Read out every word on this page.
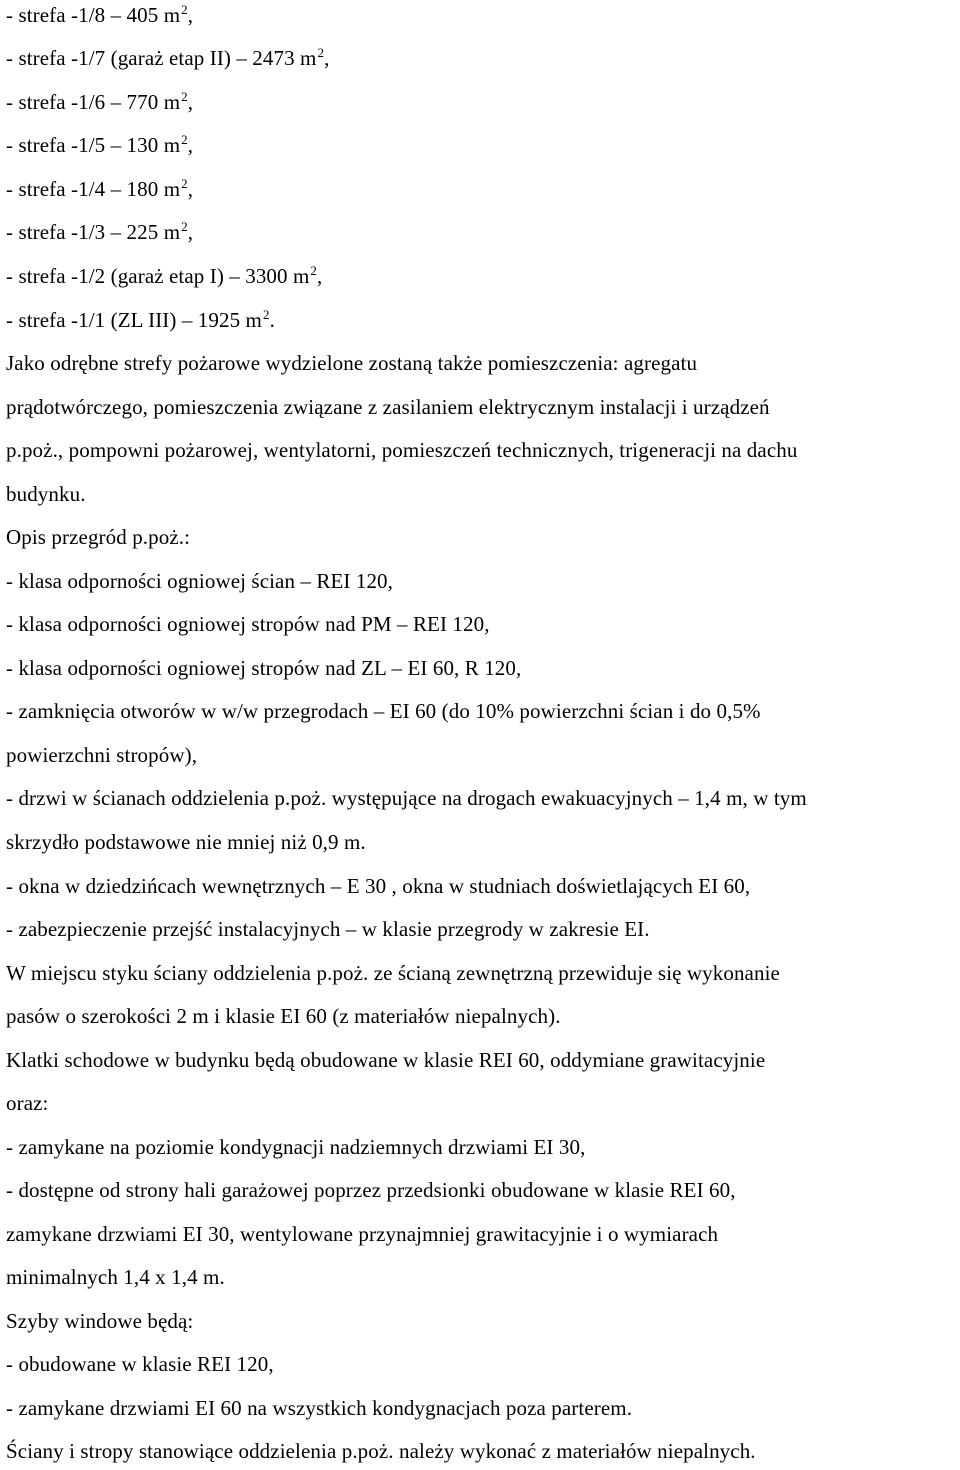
- strefa -1/8 – 405 $m^2$,
- strefa -1/7 (garaż etap II) – 2473 $m^2$,
- strefa -1/6 – 770 $m^2$,
- strefa -1/5 – 130 $m^2$,
- strefa -1/4 – 180 $m^2$,
- strefa -1/3 – 225 $m^2$,
- strefa -1/2 (garaż etap I) – 3300 $m^2$,
- strefa -1/1 (ZL III) – 1925 $m^2$.
Jako odrębne strefy pożarowe wydzielone zostaną także pomieszczenia: agregatu
prądotwórczego, pomieszczenia związane z zasilaniem elektrycznym instalacji i urządzeń
p.poż., pompowni pożarowej, wentylatorni, pomieszczeń technicznych, trigeneracji na dachu
budynku.
Opis przegród p.poż.:
- klasa odporności ogniowej ścian – REI 120,
- klasa odporności ogniowej stropów nad PM – REI 120,
- klasa odporności ogniowej stropów nad ZL – EI 60, R 120,
- zamknięcia otworów w w/w przegrodach – EI 60 (do 10% powierzchni ścian i do 0,5%
powierzchni stropów),
- drzwi w ścianach oddzielenia p.poż. występujące na drogach ewakuacyjnych – 1,4 m, w tym
skrzydło podstawowe nie mniej niż 0,9 m.
- okna w dziedzińcach wewnętrznych – E 30 , okna w studniach doświetlających EI 60,
- zabezpieczenie przejść instalacyjnych – w klasie przegrody w zakresie EI.
W miejscu styku ściany oddzielenia p.poż. ze ścianą zewnętrzną przewiduje się wykonanie
pasów o szerokości 2 m i klasie EI 60 (z materiałów niepalnych).
Klatki schodowe w budynku będą obudowane w klasie REI 60, oddymiane grawitacyjnie
oraz:
- zamykane na poziomie kondygnacji nadziemnych drzwiami EI 30,
- dostępne od strony hali garażowej poprzez przedsionki obudowane w klasie REI 60,
zamykane drzwiami EI 30, wentylowane przynajmniej grawitacyjnie i o wymiarach
minimalnych 1,4 x 1,4 m.
Szyby windowe będą:
- obudowane w klasie REI 120,
- zamykane drzwiami EI 60 na wszystkich kondygnacjach poza parterem.
Ściany i stropy stanowiące oddzielenia p.poż. należy wykonać z materiałów niepalnych.
